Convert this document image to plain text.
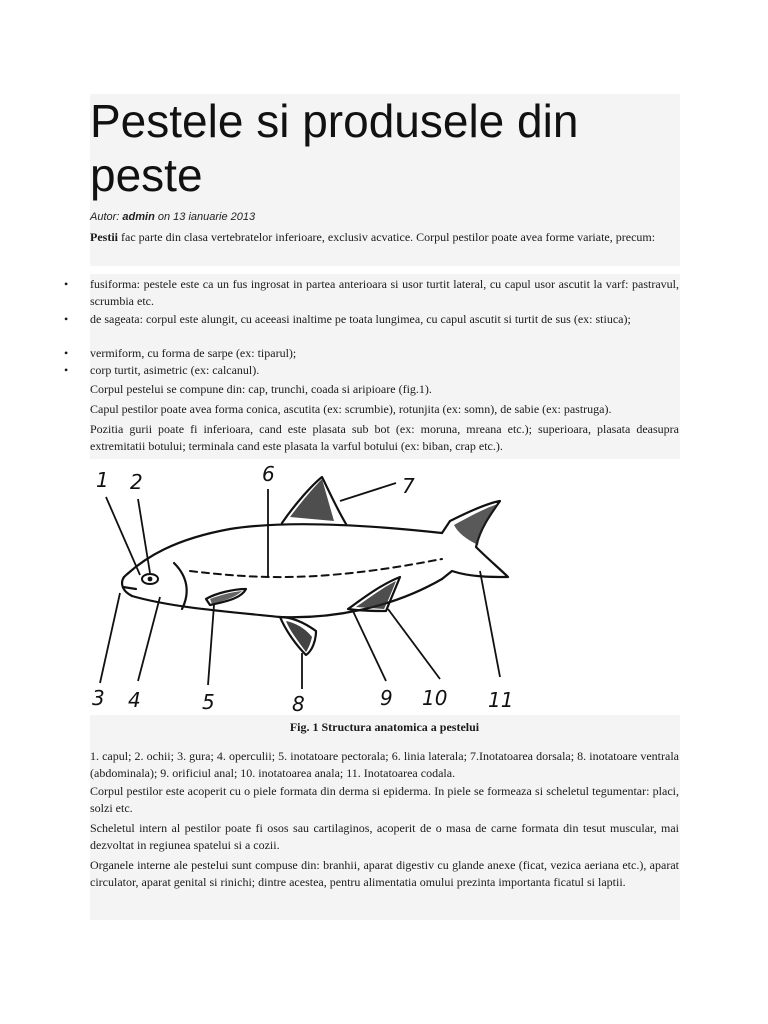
Pestele si produsele din peste
Autor: admin on 13 ianuarie 2013

Pestii fac parte din clasa vertebratelor inferioare, exclusiv acvatice. Corpul pestilor poate avea forme variate, precum:

• fusiforma: pestele este ca un fus ingrosat in partea anterioara si usor turtit lateral, cu capul usor ascutit la varf: pastravul, scrumbia etc.
• de sageata: corpul este alungit, cu aceeasi inaltime pe toata lungimea, cu capul ascutit si turtit de sus (ex: stiuca);
• vermiform, cu forma de sarpe (ex: tiparul);
• corp turtit, asimetric (ex: calcanul).

Corpul pestelui se compune din: cap, trunchi, coada si aripioare (fig.1).

Capul pestilor poate avea forma conica, ascutita (ex: scrumbie), rotunjita (ex: somn), de sabie (ex: pastruga).

Pozitia gurii poate fi inferioara, cand este plasata sub bot (ex: moruna, mreana etc.); superioara, plasata deasupra extremitatii botului; terminala cand este plasata la varful botului (ex: biban, crap etc.).

1 2
3 4	5
6	7
8	9 10 11
Fig. 1 Structura anatomica a pestelui

1. capul; 2. ochii; 3. gura; 4. operculii; 5. inotatoare pectorala; 6. linia laterala; 7.Inotatoarea dorsala; 8. inotatoare ventrala (abdominala); 9. orificiul anal; 10. inotatoarea anala; 11. Inotatoarea codala.

Corpul pestilor este acoperit cu o piele formata din derma si epiderma. In piele se formeaza si scheletul tegumentar: placi, solzi etc.

Scheletul intern al pestilor poate fi osos sau cartilaginos, acoperit de o masa de carne formata din tesut muscular, mai dezvoltat in regiunea spatelui si a cozii.

Organele interne ale pestelui sunt compuse din: branhii, aparat digestiv cu glande anexe (ficat, vezica aeriana etc.), aparat circulator, aparat genital si rinichi; dintre acestea, pentru alimentatia omului prezinta importanta ficatul si laptii.
